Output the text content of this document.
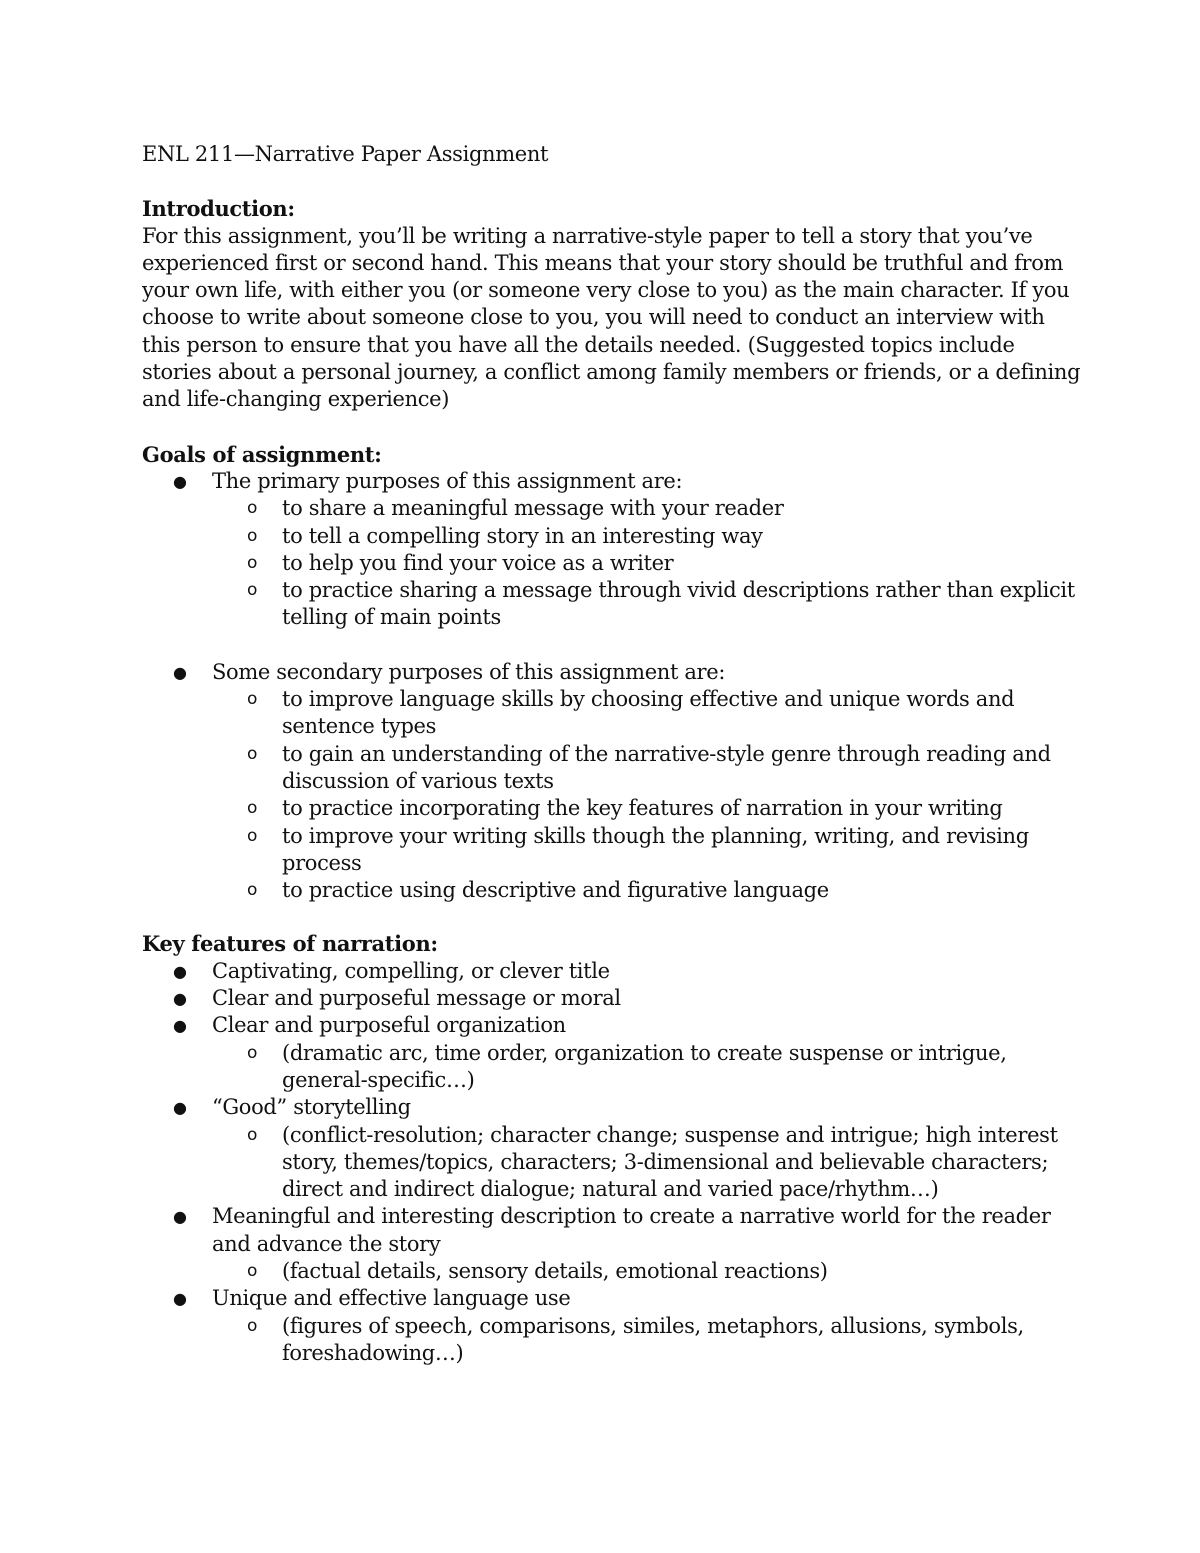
ENL 211—Narrative Paper Assignment

Introduction:

For this assignment, you’ll be writing a narrative-style paper to tell a story that you’ve experienced first or second hand. This means that your story should be truthful and from your own life, with either you (or someone very close to you) as the main character. If you choose to write about someone close to you, you will need to conduct an interview with this person to ensure that you have all the details needed. (Suggested topics include stories about a personal journey, a conflict among family members or friends, or a defining and life-changing experience)

Goals of assignment:

● The primary purposes of this assignment are:
o to share a meaningful message with your reader
o to tell a compelling story in an interesting way
o to help you find your voice as a writer
o to practice sharing a message through vivid descriptions rather than explicit telling of main points
● Some secondary purposes of this assignment are:
o to improve language skills by choosing effective and unique words and sentence types
o to gain an understanding of the narrative-style genre through reading and discussion of various texts
o to practice incorporating the key features of narration in your writing
o to improve your writing skills though the planning, writing, and revising process
o to practice using descriptive and figurative language

Key features of narration:

● Captivating, compelling, or clever title
● Clear and purposeful message or moral
● Clear and purposeful organization
o (dramatic arc, time order, organization to create suspense or intrigue, general-specific…)
● “Good” storytelling
o (conflict-resolution; character change; suspense and intrigue; high interest story, themes/topics, characters; 3-dimensional and believable characters; direct and indirect dialogue; natural and varied pace/rhythm…)
● Meaningful and interesting description to create a narrative world for the reader and advance the story
o (factual details, sensory details, emotional reactions)
● Unique and effective language use
o (figures of speech, comparisons, similes, metaphors, allusions, symbols, foreshadowing…)
